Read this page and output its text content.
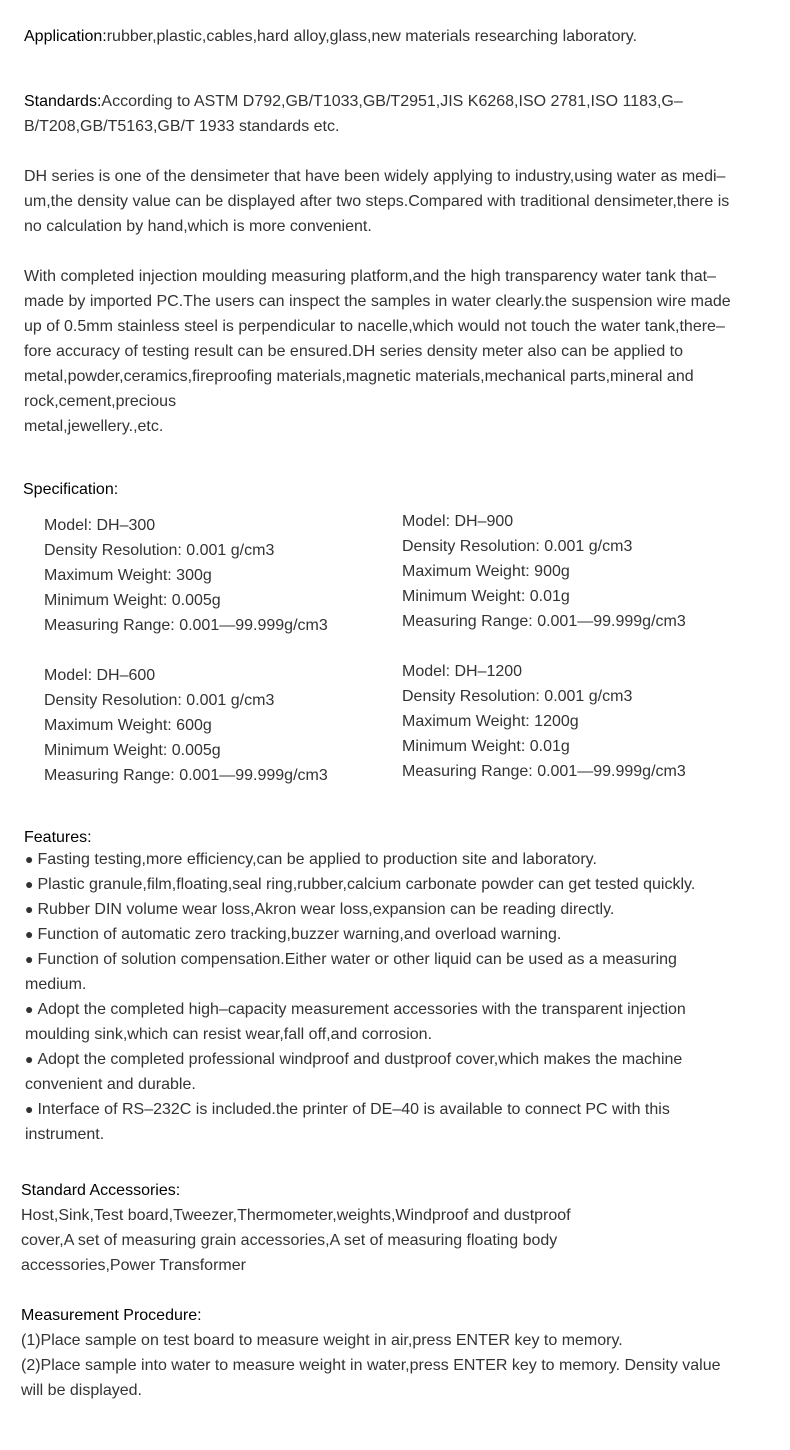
Application:rubber,plastic,cables,hard alloy,glass,new materials researching laboratory.
Standards:According to ASTM D792,GB/T1033,GB/T2951,JIS K6268,ISO 2781,ISO 1183,G–
B/T208,GB/T5163,GB/T 1933 standards etc.
DH series is one of the densimeter that have been widely applying to industry,using water as medi–
um,the density value can be displayed after two steps.Compared with traditional densimeter,there is
no calculation by hand,which is more convenient.
With completed injection moulding measuring platform,and the high transparency water tank that–
made by imported PC.The users can inspect the samples in water clearly.the suspension wire made
up of 0.5mm stainless steel is perpendicular to nacelle,which would not touch the water tank,there–
fore accuracy of testing result can be ensured.DH series density meter also can be applied to
metal,powder,ceramics,fireproofing materials,magnetic materials,mechanical parts,mineral and
rock,cement,precious
metal,jewellery.,etc.
Specification:
Model: DH–300
Density Resolution: 0.001 g/cm3
Maximum Weight: 300g
Minimum Weight: 0.005g
Measuring Range: 0.001—99.999g/cm3
Model: DH–900
Density Resolution: 0.001 g/cm3
Maximum Weight: 900g
Minimum Weight: 0.01g
Measuring Range: 0.001—99.999g/cm3
Model: DH–600
Density Resolution: 0.001 g/cm3
Maximum Weight: 600g
Minimum Weight: 0.005g
Measuring Range: 0.001—99.999g/cm3
Model: DH–1200
Density Resolution: 0.001 g/cm3
Maximum Weight: 1200g
Minimum Weight: 0.01g
Measuring Range: 0.001—99.999g/cm3
Features:
● Fasting testing,more efficiency,can be applied to production site and laboratory.
● Plastic granule,film,floating,seal ring,rubber,calcium carbonate powder can get tested quickly.
● Rubber DIN volume wear loss,Akron wear loss,expansion can be reading directly.
● Function of automatic zero tracking,buzzer warning,and overload warning.
● Function of solution compensation.Either water or other liquid can be used as a measuring
medium.
● Adopt the completed high–capacity measurement accessories with the transparent injection
moulding sink,which can resist wear,fall off,and corrosion.
● Adopt the completed professional windproof and dustproof cover,which makes the machine
convenient and durable.
● Interface of RS–232C is included.the printer of DE–40 is available to connect PC with this
instrument.
Standard Accessories:
Host,Sink,Test board,Tweezer,Thermometer,weights,Windproof and dustproof
cover,A set of measuring grain accessories,A set of measuring floating body
accessories,Power Transformer
Measurement Procedure:
(1)Place sample on test board to measure weight in air,press ENTER key to memory.
(2)Place sample into water to measure weight in water,press ENTER key to memory. Density value
will be displayed.
